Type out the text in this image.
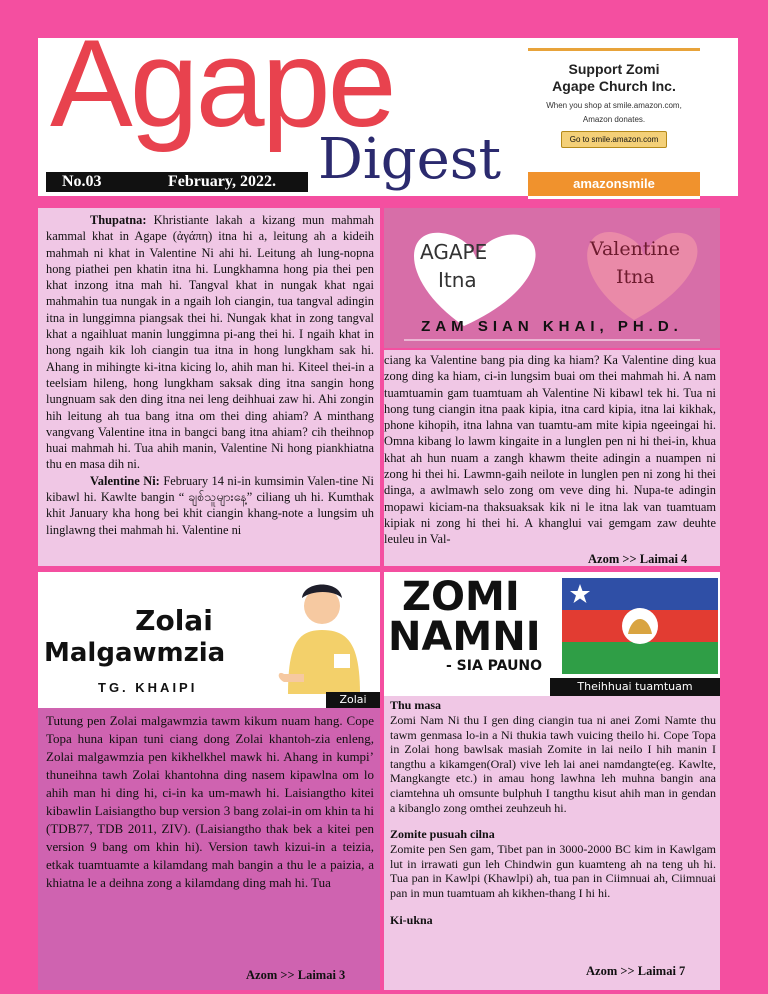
Agape
Digest
No.03	February, 2022.
Support Zomi Agape Church Inc.
When you shop at smile.amazon.com,
Amazon donates.
Go to smile.amazon.com
amazonsmile
Thupatna: Khristiante lakah a kizang mun mahmah kammal khat in Agape (ἀγάπη) itna hi a, leitung ah a kideih mahmah ni khat in Valentine Ni ahi hi. Leitung ah lung-nopna hong piathei pen khatin itna hi. Lungkhamna hong pia thei pen khat inzong itna mah hi. Tangval khat in nungak khat ngai mahmahin tua nungak in a ngaih loh ciangin, tua tangval adingin itna in lunggimna piangsak thei hi. Nungak khat in zong tangval khat a ngaihluat manin lunggimna pi-ang thei hi. I ngaih khat in hong ngaih kik loh ciangin tua itna in hong lungkham sak hi. Ahang in mihingte ki-itna kicing lo, ahih man hi. Kiteel thei-in a teelsiam hileng, hong lungkham saksak ding itna sangin hong lungnuam sak den ding itna nei leng deihhuai zaw hi. Ahi zongin hih leitung ah tua bang itna om thei ding ahiam? A minthang vangvang Valentine itna in bangci bang itna ahiam? cih theihnop huai mahmah hi. Tua ahih manin, Valentine Ni hong piankhiatna thu en masa dih ni.
Valentine Ni: February 14 ni-in kumsimin Valen-tine Ni kibawl hi. Kawlte bangin “ ချစ်သူများနေ့” ciliang uh hi. Kumthak khit January kha hong bei khit ciangin khang-note a lungsim uh linglawng thei mahmah hi. Valentine ni
AGAPE
Itna
Valentine
Itna
ZAM SIAN KHAI, PH.D.
ciang ka Valentine bang pia ding ka hiam? Ka Valentine ding kua zong ding ka hiam, ci-in lungsim buai om thei mahmah hi. A nam tuamtuamin gam tuamtuam ah Valentine Ni kibawl tek hi. Tua ni hong tung ciangin itna paak kipia, itna card kipia, itna lai kikhak, phone kihopih, itna lahna van tuamtu-am mite kipia ngeeingai hi. Omna kibang lo lawm kingaite in a lunglen pen ni hi thei-in, khua khat ah hun nuam a zangh khawm theite adingin a nuampen ni zong hi thei hi. Lawmn-gaih neilote in lunglen pen ni zong hi thei dinga, a awlmawh selo zong om veve ding hi. Nupa-te adingin mopawi kiciam-na thaksuaksak kik ni le itna lak van tuamtuam kipiak ni zong hi thei hi. A khanglui vai gemgam zaw deuhte leuleu in Val-
Azom >> Laimai 4
Zolai
Malgawmzia
TG. KHAIPI
Zolai
Tutung pen Zolai malgawmzia tawm kikum nuam hang. Cope Topa huna kipan tuni ciang dong Zolai khantoh-zia enleng, Zolai malgawmzia pen kikhelkhel mawk hi. Ahang in kumpi’ thuneihna tawh Zolai khantohna ding nasem kipawlna om lo ahih man hi ding hi, ci-in ka um-mawh hi. Laisiangtho kitei kibawlin Laisiangtho bup version 3 bang zolai-in om khin ta hi (TDB77, TDB 2011, ZIV). (Laisiangtho thak bek a kitei pen version 9 bang om khin hi). Version tawh kizui-in a teizia, etkak tuamtuamte a kilamdang mah bangin a thu le a paizia, a khiatna le a deihna zong a kilamdang ding mah hi. Tua
Azom >> Laimai 3
ZOMI
NAMNI
- SIA PAUNO
Theihhuai tuamtuam
Thu masa
Zomi Nam Ni thu I gen ding ciangin tua ni anei Zomi Namte thu tawm genmasa lo-in a Ni thukia tawh vuicing theilo hi. Cope Topa in Zolai hong bawlsak masiah Zomite in lai neilo I hih manin I tangthu a kikamgen(Oral) vive leh lai anei namdangte(eg. Kawlte, Mangkangte etc.) in amau hong lawhna leh muhna bangin ana ciamtehna uh omsunte bulphuh I tangthu kisut ahih man in gendan a kibanglo zong omthei zeuhzeuh hi.
Zomite pusuah cilna
Zomite pen Sen gam, Tibet pan in 3000-2000 BC kim in Kawlgam lut in irrawati gun leh Chindwin gun kuamteng ah na teng uh hi. Tua pan in Kawlpi (Khawlpi) ah, tua pan in Ciimnuai ah, Ciimnuai pan in mun tuamtuam ah kikhen-thang I hi hi.
Ki-ukna
Azom >> Laimai 7
